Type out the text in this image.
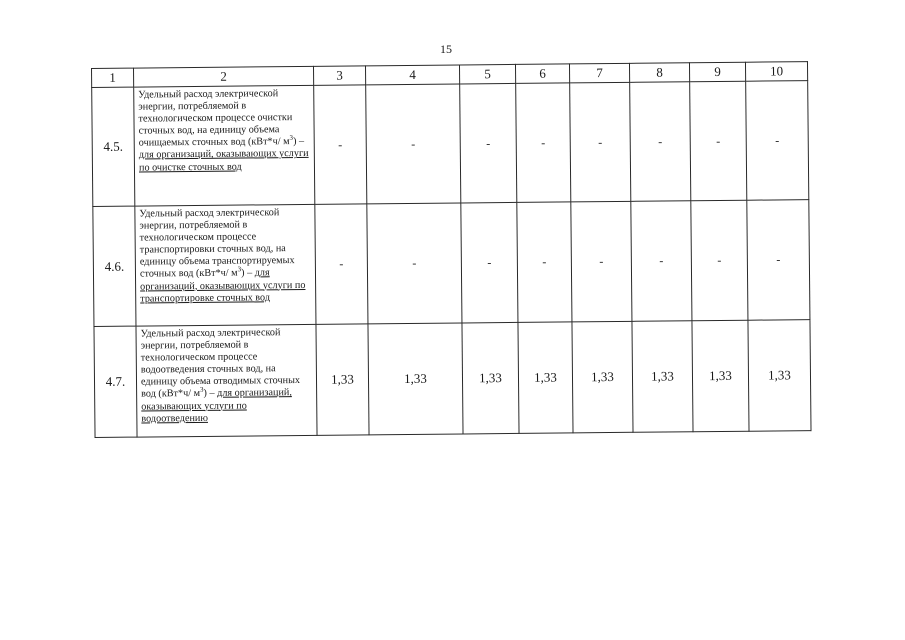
15
1	2	3	4	5	6	7	8	9	10
4.5.	Удельный расход электрической энергии, потребляемой в технологическом процессе очистки сточных вод, на единицу объема очищаемых сточных вод (кВт*ч/ $м^3$) – для организаций, оказывающих услуги по очистке сточных вод	-	-	-	-	-	-	-	-
4.6.	Удельный расход электрической энергии, потребляемой в технологическом процессе транспортировки сточных вод, на единицу объема транспортируемых сточных вод (кВт*ч/ $м^3$) – для организаций, оказывающих услуги по транспортировке сточных вод	-	-	-	-	-	-	-	-
4.7.	Удельный расход электрической энергии, потребляемой в технологическом процессе водоотведения сточных вод, на единицу объема отводимых сточных вод (кВт*ч/ $м^3$) – для организаций, оказывающих услуги по водоотведению	1,33	1,33	1,33	1,33	1,33	1,33	1,33	1,33
